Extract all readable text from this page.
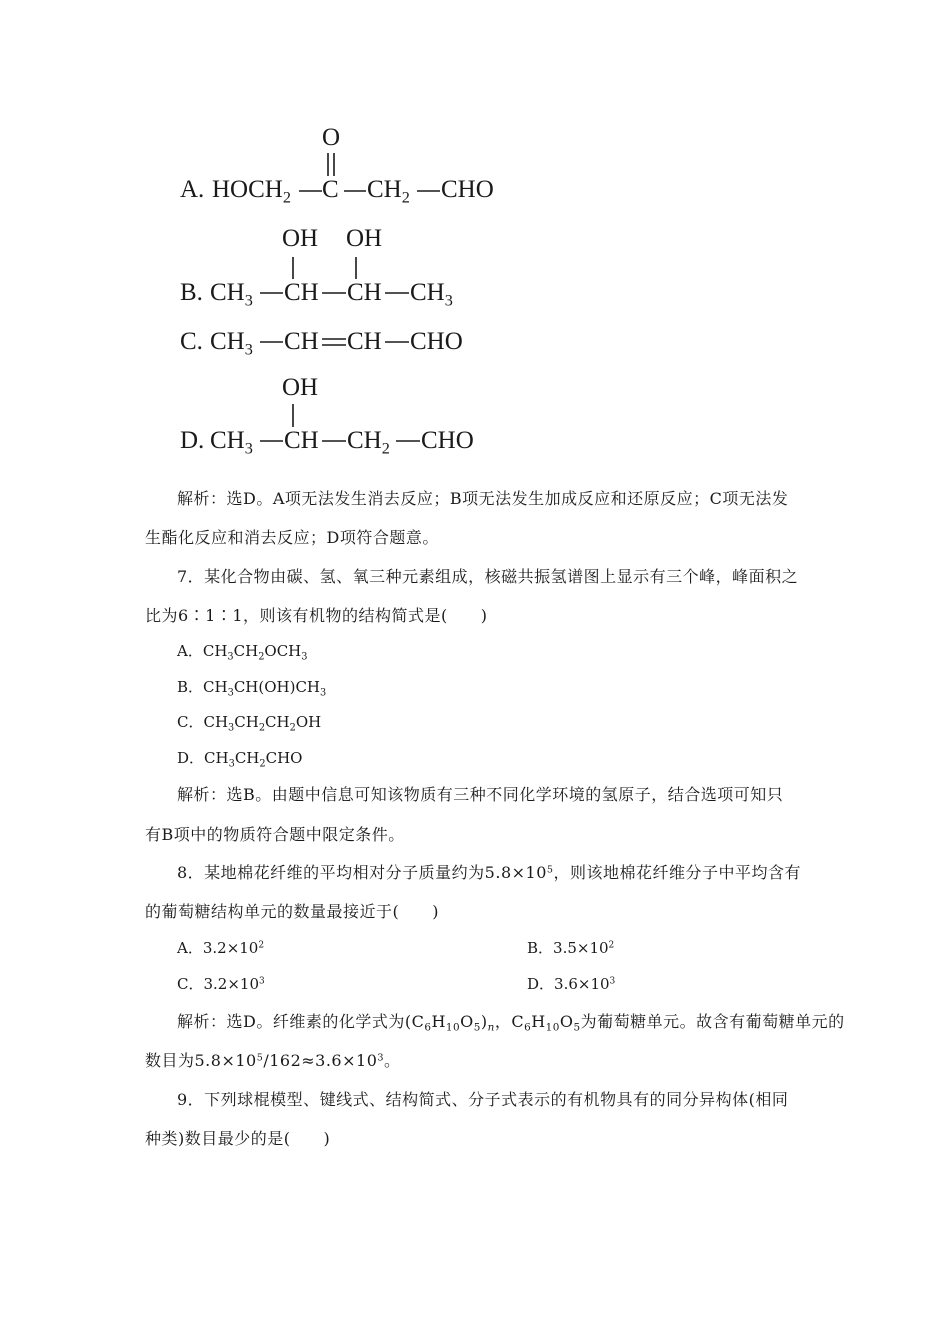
O
A. $HOCH_2$ C $CH_2$ CHO
OH OH
B. $CH_3$ CH CH $CH_3$
C. $CH_3$ CH CH CHO
OH
D. $CH_3$ CH $CH_2$ CHO
解析：选D。A项无法发生消去反应；B项无法发生加成反应和还原反应；C项无法发
生酯化反应和消去反应；D项符合题意。
7．某化合物由碳、氢、氧三种元素组成，核磁共振氢谱图上显示有三个峰，峰面积之
比为6∶1∶1，则该有机物的结构简式是(　　)
A．$CH_3CH_2OCH_3$
B．$CH_3CH(OH)CH_3$
C．$CH_3CH_2CH_2OH$
D．$CH_3CH_2CHO$
解析：选B。由题中信息可知该物质有三种不同化学环境的氢原子，结合选项可知只
有B项中的物质符合题中限定条件。
8．某地棉花纤维的平均相对分子质量约为$5.8\times 10^5$，则该地棉花纤维分子中平均含有
的葡萄糖结构单元的数量最接近于(　　)
A．$3.2\times 10^2$	B．$3.5\times 10^2$
C．$3.2\times 10^3$	D．$3.6\times 10^3$
解析：选D。纤维素的化学式为$(C_6H_{10}O_5)_n$，$C_6H_{10}O_5$为葡萄糖单元。故含有葡萄糖单元的
数目为$5.8\times 10^5/162\approx 3.6\times 10^3$。
9．下列球棍模型、键线式、结构简式、分子式表示的有机物具有的同分异构体(相同
种类)数目最少的是(　　)
